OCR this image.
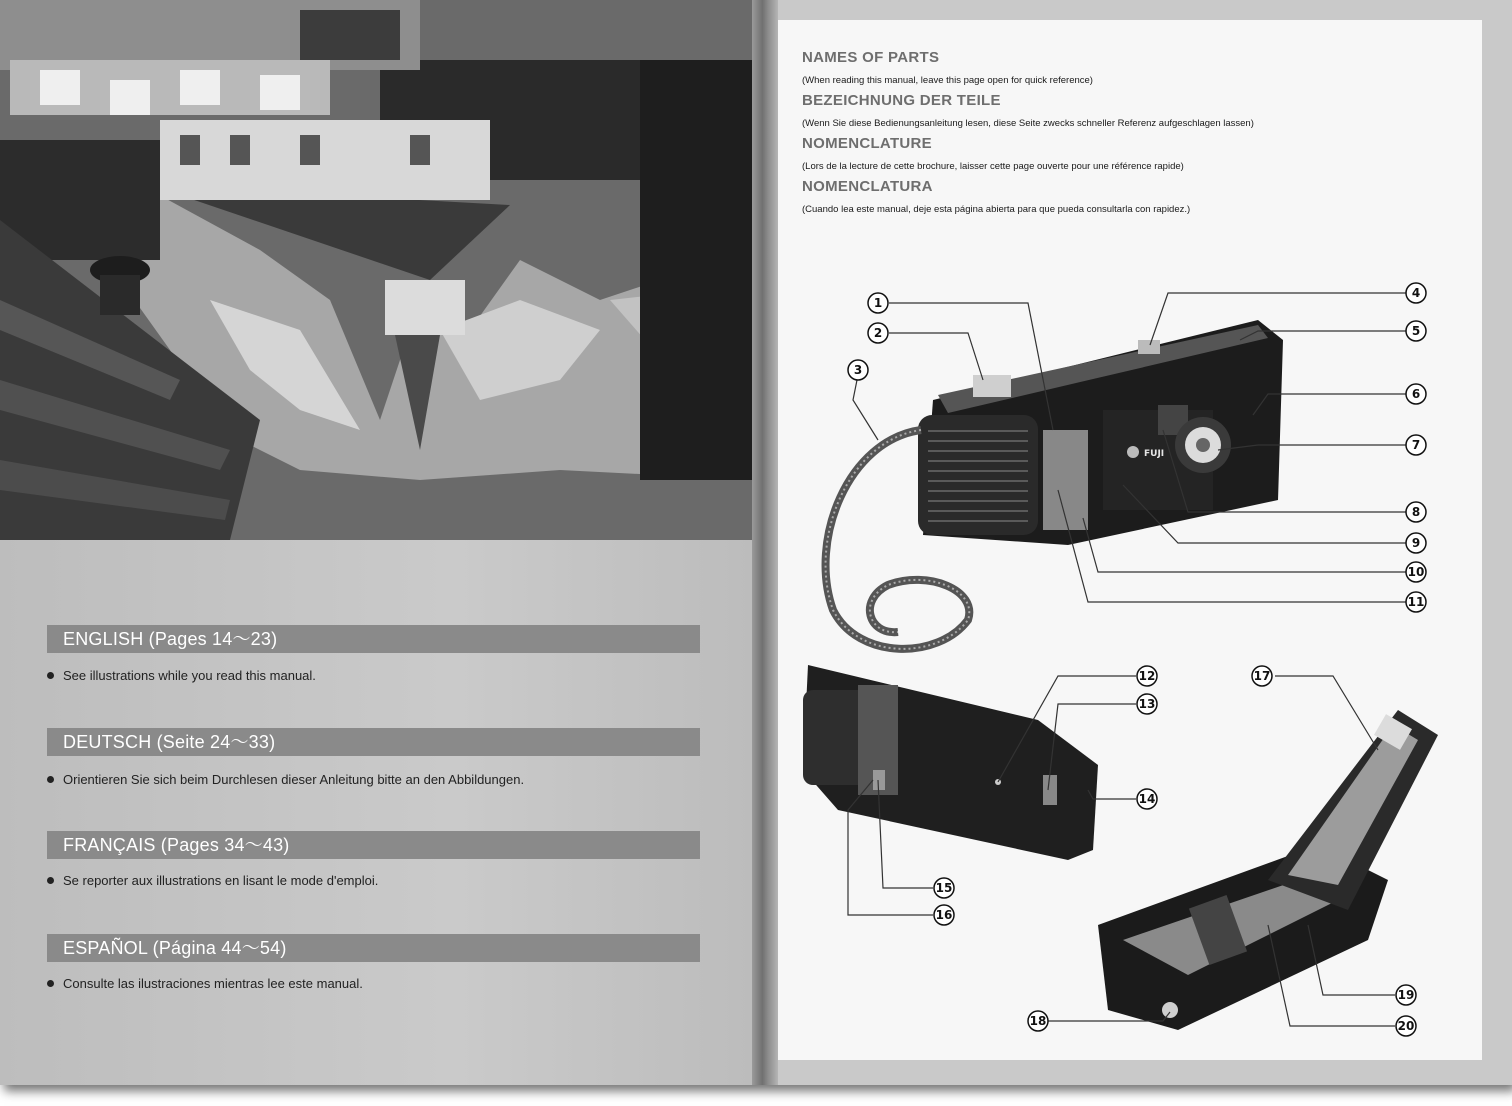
ENGLISH (Pages 14〜23)
See illustrations while you read this manual.
DEUTSCH (Seite 24〜33)
Orientieren Sie sich beim Durchlesen dieser Anleitung bitte an den Abbildungen.
FRANÇAIS (Pages 34〜43)
Se reporter aux illustrations en lisant le mode d'emploi.
ESPAÑOL (Página 44〜54)
Consulte las ilustraciones mientras lee este manual.
NAMES OF PARTS
(When reading this manual, leave this page open for quick reference)
BEZEICHNUNG DER TEILE
(Wenn Sie diese Bedienungsanleitung lesen, diese Seite zwecks schneller Referenz aufgeschlagen lassen)
NOMENCLATURE
(Lors de la lecture de cette brochure, laisser cette page ouverte pour une référence rapide)
NOMENCLATURA
(Cuando lea este manual, deje esta página abierta para que pueda consultarla con rapidez.)
FUJI
1
2
3
4
5
6
7
8
9
10
11
12
13
14
15
16
17
18
19
20
